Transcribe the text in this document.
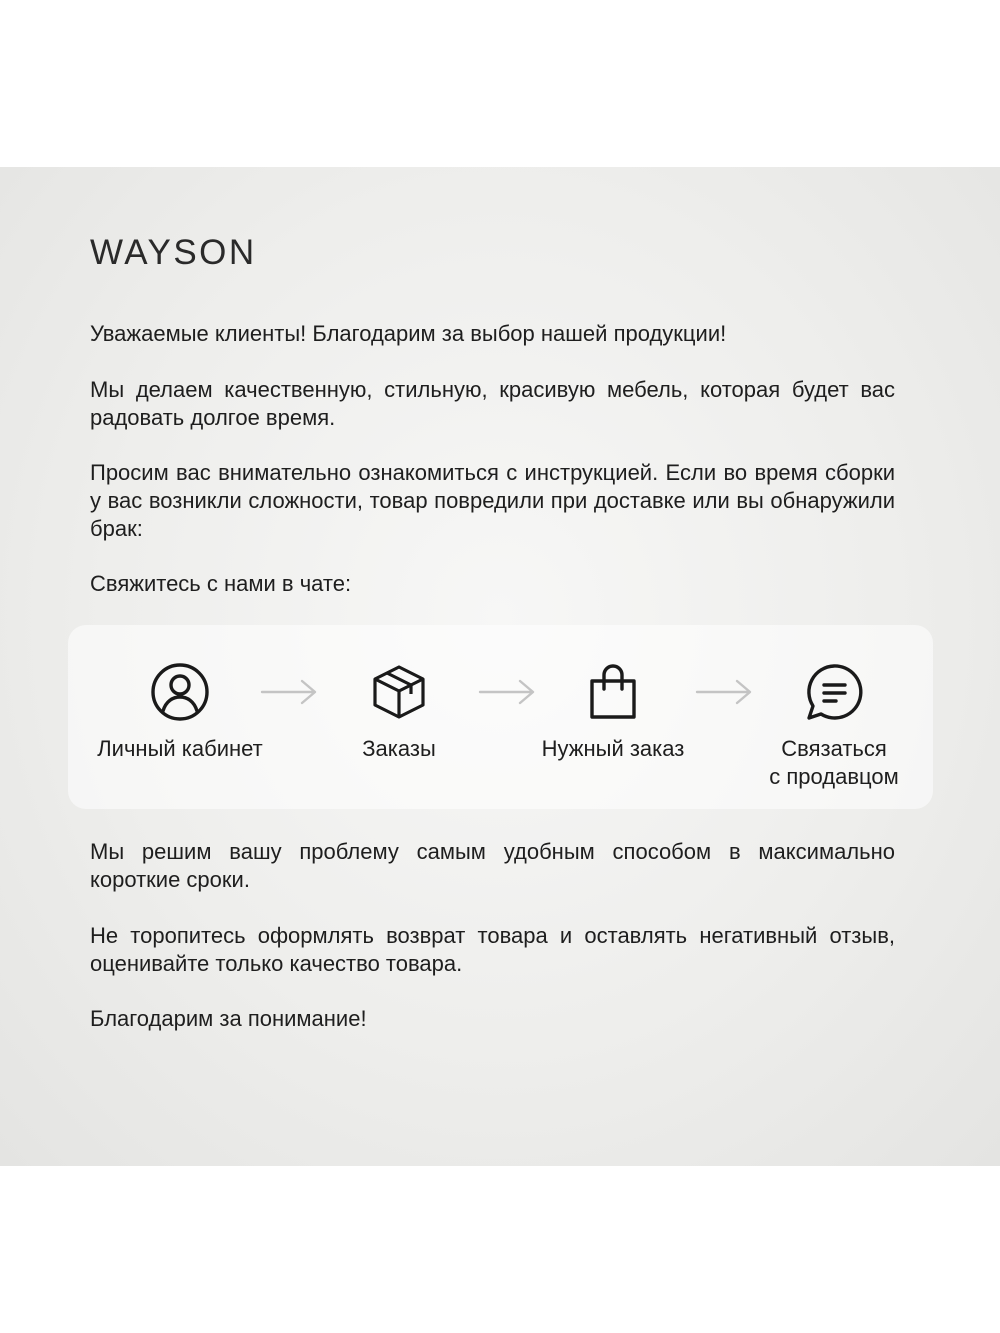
WAYSON

Уважаемые клиенты! Благодарим за выбор нашей продукции!

Мы делаем качественную, стильную, красивую мебель, которая будет вас радовать долгое время.

Просим вас внимательно ознакомиться с инструкцией. Если во время сборки у вас возникли сложности, товар повредили при доставке или вы обнаружили брак:

Свяжитесь с нами в чате:

Личный кабинет	Заказы	Нужный заказ	Связаться
с продавцом

Мы решим вашу проблему самым удобным способом в максимально короткие сроки.

Не торопитесь оформлять возврат товара и оставлять негативный отзыв, оценивайте только качество товара.

Благодарим за понимание!
